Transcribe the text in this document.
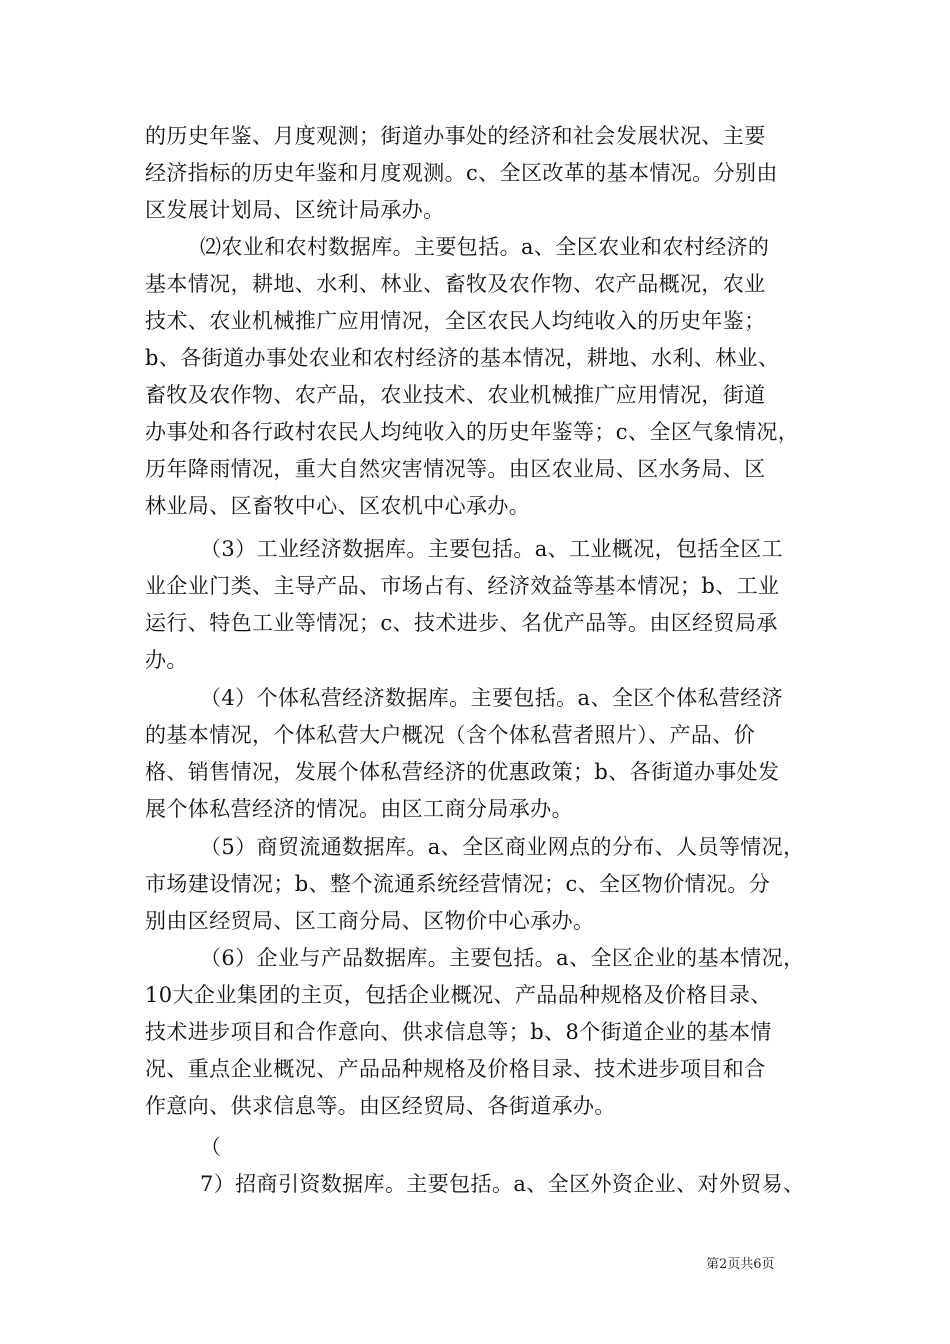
的历史年鉴、月度观测；街道办事处的经济和社会发展状况、主要
经济指标的历史年鉴和月度观测。c、全区改革的基本情况。分别由
区发展计划局、区统计局承办。
⑵农业和农村数据库。主要包括。a、全区农业和农村经济的
基本情况，耕地、水利、林业、畜牧及农作物、农产品概况，农业
技术、农业机械推广应用情况，全区农民人均纯收入的历史年鉴；
b、各街道办事处农业和农村经济的基本情况，耕地、水利、林业、
畜牧及农作物、农产品，农业技术、农业机械推广应用情况，街道
办事处和各行政村农民人均纯收入的历史年鉴等；c、全区气象情况，
历年降雨情况，重大自然灾害情况等。由区农业局、区水务局、区
林业局、区畜牧中心、区农机中心承办。
（3）工业经济数据库。主要包括。a、工业概况，包括全区工
业企业门类、主导产品、市场占有、经济效益等基本情况；b、工业
运行、特色工业等情况；c、技术进步、名优产品等。由区经贸局承
办。
（4）个体私营经济数据库。主要包括。a、全区个体私营经济
的基本情况，个体私营大户概况（含个体私营者照片）、产品、价
格、销售情况，发展个体私营经济的优惠政策；b、各街道办事处发
展个体私营经济的情况。由区工商分局承办。
（5）商贸流通数据库。a、全区商业网点的分布、人员等情况，
市场建设情况；b、整个流通系统经营情况；c、全区物价情况。分
别由区经贸局、区工商分局、区物价中心承办。
（6）企业与产品数据库。主要包括。a、全区企业的基本情况，
10大企业集团的主页，包括企业概况、产品品种规格及价格目录、
技术进步项目和合作意向、供求信息等；b、8个街道企业的基本情
况、重点企业概况、产品品种规格及价格目录、技术进步项目和合
作意向、供求信息等。由区经贸局、各街道承办。
（
7）招商引资数据库。主要包括。a、全区外资企业、对外贸易、
第2页共6页
